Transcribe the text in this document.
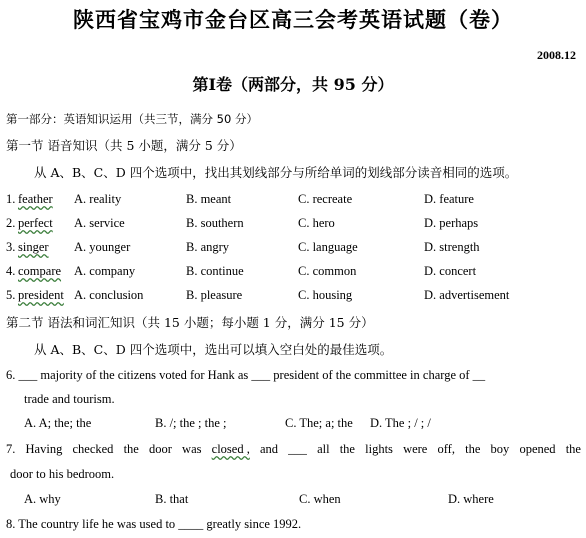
陕西省宝鸡市金台区高三会考英语试题（卷）
2008.12
第I卷（两部分，共 95 分）
第一部分：英语知识运用（共三节，满分 50 分）
第一节 语音知识（共 5 小题，满分 5 分）
从 A、B、C、D 四个选项中，找出其划线部分与所给单词的划线部分读音相同的选项。
1. feather A. reality	B. meant	C. recreate	D. feature
2. perfect A. service	B. southern	C. hero	D. perhaps
3. singer A. younger	B. angry	C. language	D. strength
4. compare A. company	B. continue	C. common	D. concert
5. president A. conclusion	B. pleasure	C. housing	D. advertisement
第二节 语法和词汇知识（共 15 小题；每小题 1 分，满分 15 分）
从 A、B、C、D 四个选项中，选出可以填入空白处的最佳选项。
6. ___ majority of the citizens voted for Hank as ___ president of the committee in charge of __
trade and tourism.
A. A; the; the	B. /; the ; the ;	C. The; a; the D. The ; / ; /
7. Having checked the door was closed , and ___ all the lights were off, the boy opened the
door to his bedroom.
A. why	B. that	C. when	D. where
8. The country life he was used to ____ greatly since 1992.
